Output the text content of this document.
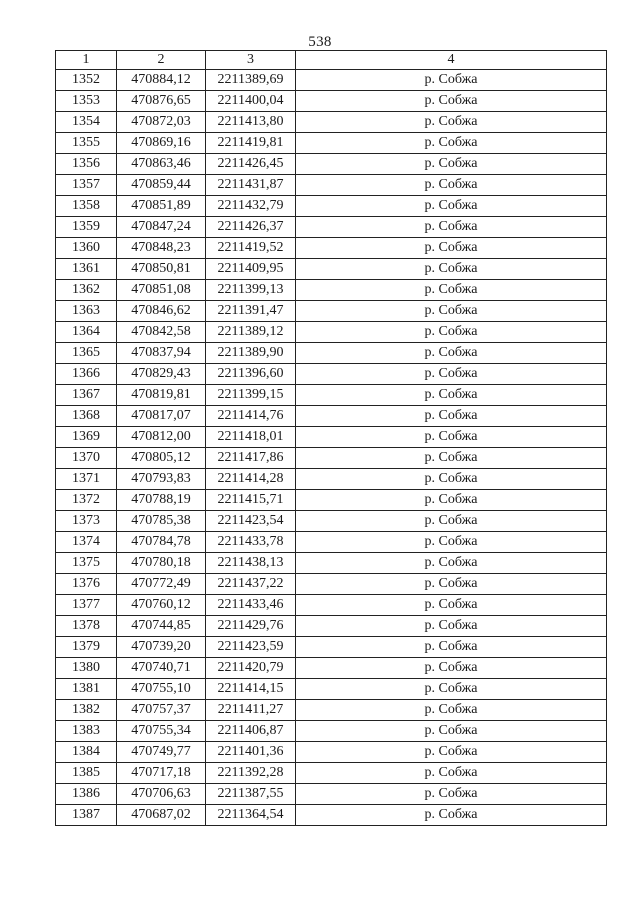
538
1	2	3	4
1352	470884,12	2211389,69	р. Собжа
1353	470876,65	2211400,04	р. Собжа
1354	470872,03	2211413,80	р. Собжа
1355	470869,16	2211419,81	р. Собжа
1356	470863,46	2211426,45	р. Собжа
1357	470859,44	2211431,87	р. Собжа
1358	470851,89	2211432,79	р. Собжа
1359	470847,24	2211426,37	р. Собжа
1360	470848,23	2211419,52	р. Собжа
1361	470850,81	2211409,95	р. Собжа
1362	470851,08	2211399,13	р. Собжа
1363	470846,62	2211391,47	р. Собжа
1364	470842,58	2211389,12	р. Собжа
1365	470837,94	2211389,90	р. Собжа
1366	470829,43	2211396,60	р. Собжа
1367	470819,81	2211399,15	р. Собжа
1368	470817,07	2211414,76	р. Собжа
1369	470812,00	2211418,01	р. Собжа
1370	470805,12	2211417,86	р. Собжа
1371	470793,83	2211414,28	р. Собжа
1372	470788,19	2211415,71	р. Собжа
1373	470785,38	2211423,54	р. Собжа
1374	470784,78	2211433,78	р. Собжа
1375	470780,18	2211438,13	р. Собжа
1376	470772,49	2211437,22	р. Собжа
1377	470760,12	2211433,46	р. Собжа
1378	470744,85	2211429,76	р. Собжа
1379	470739,20	2211423,59	р. Собжа
1380	470740,71	2211420,79	р. Собжа
1381	470755,10	2211414,15	р. Собжа
1382	470757,37	2211411,27	р. Собжа
1383	470755,34	2211406,87	р. Собжа
1384	470749,77	2211401,36	р. Собжа
1385	470717,18	2211392,28	р. Собжа
1386	470706,63	2211387,55	р. Собжа
1387	470687,02	2211364,54	р. Собжа
